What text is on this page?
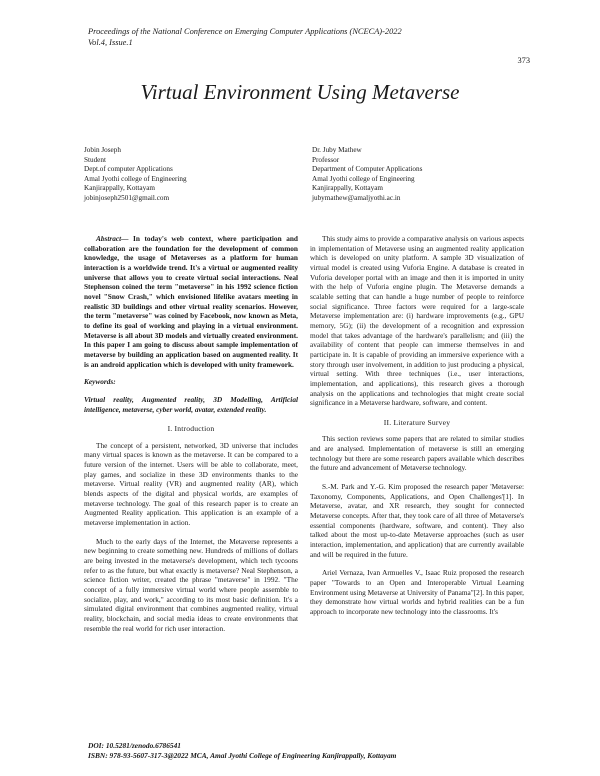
Proceedings of the National Conference on Emerging Computer Applications (NCECA)-2022
Vol.4, Issue.1
373
Virtual Environment Using Metaverse
Jobin Joseph
Student
Dept.of computer Applications
Amal Jyothi college of Engineering
Kanjirappally, Kottayam
jobinjoseph2501@gmail.com
Dr. Juby Mathew
Professor
Department of Computer Applications
Amal Jyothi college of Engineering
Kanjirappally, Kottayam
jubymathew@amaljyothi.ac.in

Abstract— In today's web context, where participation and collaboration are the foundation for the development of common knowledge, the usage of Metaverses as a platform for human interaction is a worldwide trend. It's a virtual or augmented reality universe that allows you to create virtual social interactions. Neal Stephenson coined the term "metaverse" in his 1992 science fiction novel "Snow Crash," which envisioned lifelike avatars meeting in realistic 3D buildings and other virtual reality scenarios. However, the term "metaverse" was coined by Facebook, now known as Meta, to define its goal of working and playing in a virtual environment. Metaverse is all about 3D models and virtually created environment. In this paper I am going to discuss about sample implementation of metaverse by building an application based on augmented reality. It is an android application which is developed with unity framework.

Keywords:

Virtual reality, Augmented reality, 3D Modelling, Artificial intelligence, metaverse, cyber world, avatar, extended reality.

I. Introduction

The concept of a persistent, networked, 3D universe that includes many virtual spaces is known as the metaverse. It can be compared to a future version of the internet. Users will be able to collaborate, meet, play games, and socialize in these 3D environments thanks to the metaverse. Virtual reality (VR) and augmented reality (AR), which blends aspects of the digital and physical worlds, are examples of metaverse technology. The goal of this research paper is to create an Augmented Reality application. This application is an example of a metaverse implementation in action.

Much to the early days of the Internet, the Metaverse represents a new beginning to create something new. Hundreds of millions of dollars are being invested in the metaverse's development, which tech tycoons refer to as the future, but what exactly is metaverse? Neal Stephenson, a science fiction writer, created the phrase "metaverse" in 1992. "The concept of a fully immersive virtual world where people assemble to socialize, play, and work," according to its most basic definition. It's a simulated digital environment that combines augmented reality, virtual reality, blockchain, and social media ideas to create environments that resemble the real world for rich user interaction.

This study aims to provide a comparative analysis on various aspects in implementation of Metaverse using an augmented reality application which is developed on unity platform. A sample 3D visualization of virtual model is created using Vuforia Engine. A database is created in Vuforia developer portal with an image and then it is imported in unity with the help of Vuforia engine plugin. The Metaverse demands a scalable setting that can handle a huge number of people to reinforce social significance. Three factors were required for a large-scale Metaverse implementation are: (i) hardware improvements (e.g., GPU memory, 5G); (ii) the development of a recognition and expression model that takes advantage of the hardware's parallelism; and (iii) the availability of content that people can immerse themselves in and participate in. It is capable of providing an immersive experience with a story through user involvement, in addition to just producing a physical, virtual setting. With three techniques (i.e., user interactions, implementation, and applications), this research gives a thorough analysis on the applications and technologies that might create social significance in a Metaverse hardware, software, and content.

II. Literature Survey

This section reviews some papers that are related to similar studies and are analysed. Implementation of metaverse is still an emerging technology but there are some research papers available which describes the future and advancement of Metaverse technology.

S.-M. Park and Y.-G. Kim proposed the research paper 'Metaverse: Taxonomy, Components, Applications, and Open Challenges'[1]. In Metaverse, avatar, and XR research, they sought for connected Metaverse concepts. After that, they took care of all three of Metaverse's essential components (hardware, software, and content). They also talked about the most up-to-date Metaverse approaches (such as user interaction, implementation, and application) that are currently available and will be required in the future.

Ariel Vernaza, Ivan Armuelles V., Isaac Ruiz proposed the research paper "Towards to an Open and Interoperable Virtual Learning Environment using Metaverse at University of Panama"[2]. In this paper, they demonstrate how virtual worlds and hybrid realities can be a fun approach to incorporate new technology into the classrooms. It's

DOI: 10.5281/zenodo.6786541
ISBN: 978-93-5607-317-3@2022 MCA, Amal Jyothi College of Engineering Kanjirappally, Kottayam
